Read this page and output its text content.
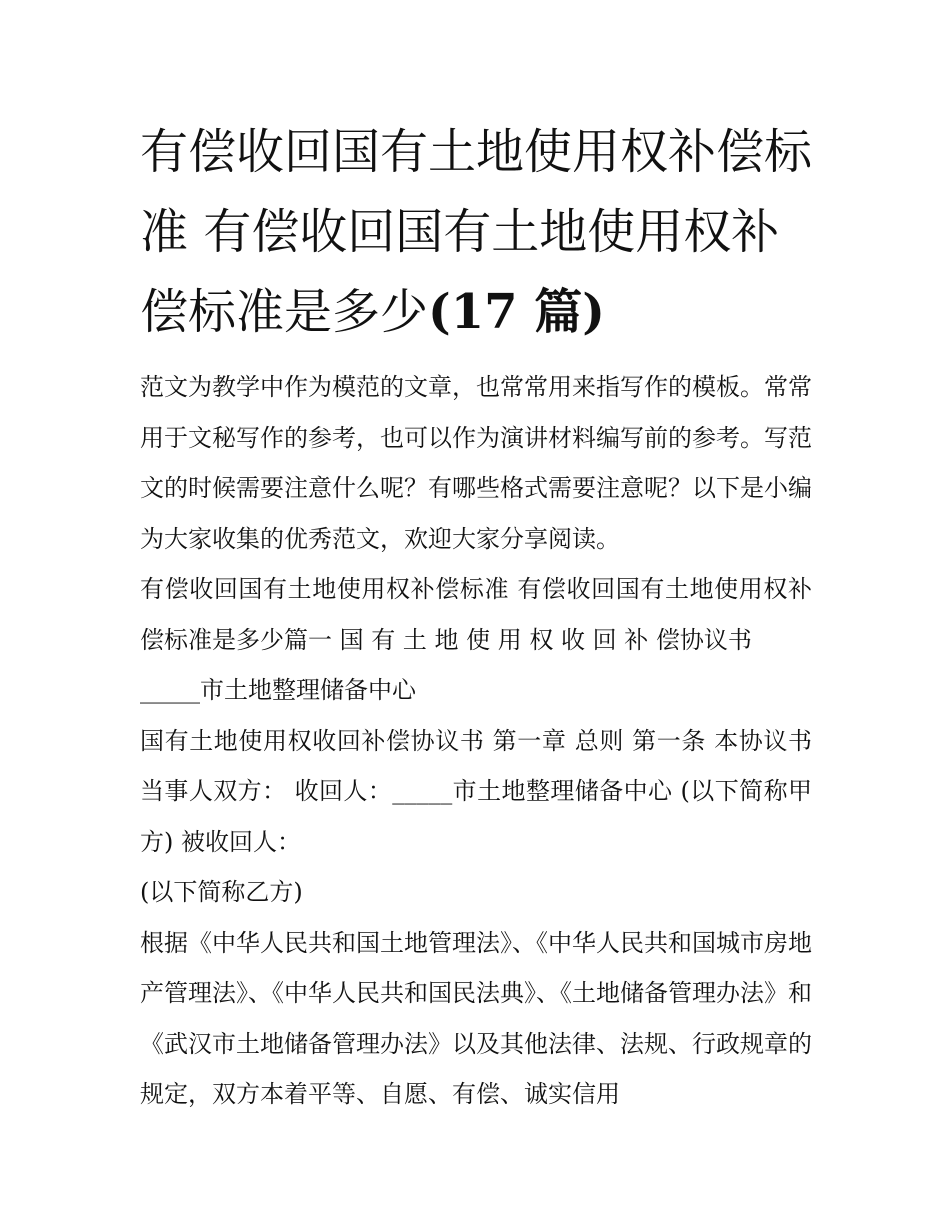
有偿收回国有土地使用权补偿标准 有偿收回国有土地使用权补偿标准是多少(17 篇)

范文为教学中作为模范的文章，也常常用来指写作的模板。常常用于文秘写作的参考，也可以作为演讲材料编写前的参考。写范文的时候需要注意什么呢？有哪些格式需要注意呢？以下是小编为大家收集的优秀范文，欢迎大家分享阅读。

有偿收回国有土地使用权补偿标准 有偿收回国有土地使用权补偿标准是多少篇一 国 有 土 地 使 用 权 收 回 补 偿协议书

_____市土地整理储备中心

国有土地使用权收回补偿协议书 第一章 总则 第一条 本协议书当事人双方： 收回人：_____市土地整理储备中心 (以下简称甲方) 被收回人：

(以下简称乙方)

根据《中华人民共和国土地管理法》、《中华人民共和国城市房地产管理法》、《中华人民共和国民法典》、《土地储备管理办法》和《武汉市土地储备管理办法》以及其他法律、法规、行政规章的规定，双方本着平等、自愿、有偿、诚实信用
